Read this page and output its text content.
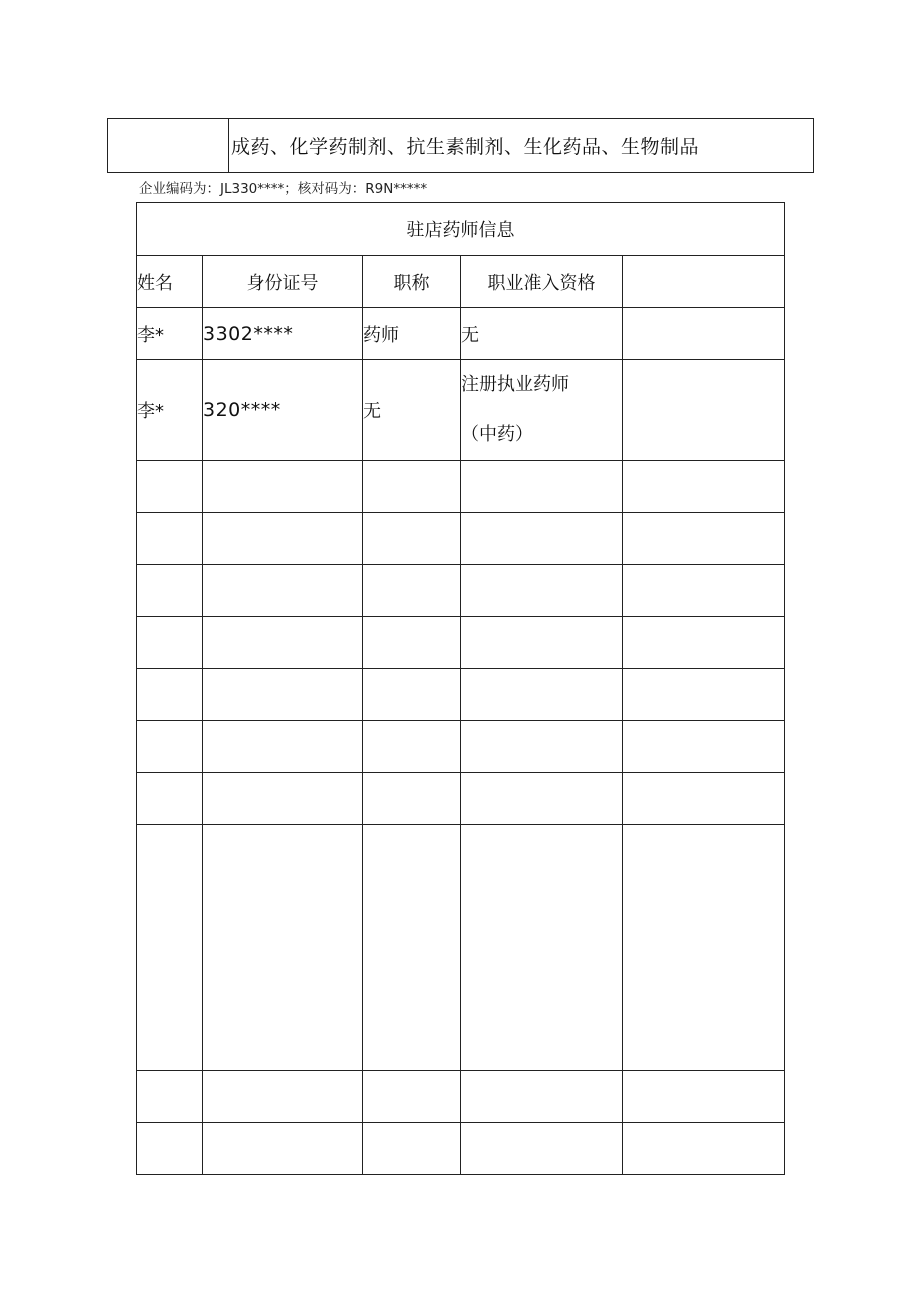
	成药、化学药制剂、抗生素制剂、生化药品、生物制品
企业编码为：JL330****；核对码为：R9N*****
驻店药师信息				
姓名	身份证号	职称	职业准入资格	
李*	3302****	药师	无	
李*	320****	无	注册执业药师
（中药）	
